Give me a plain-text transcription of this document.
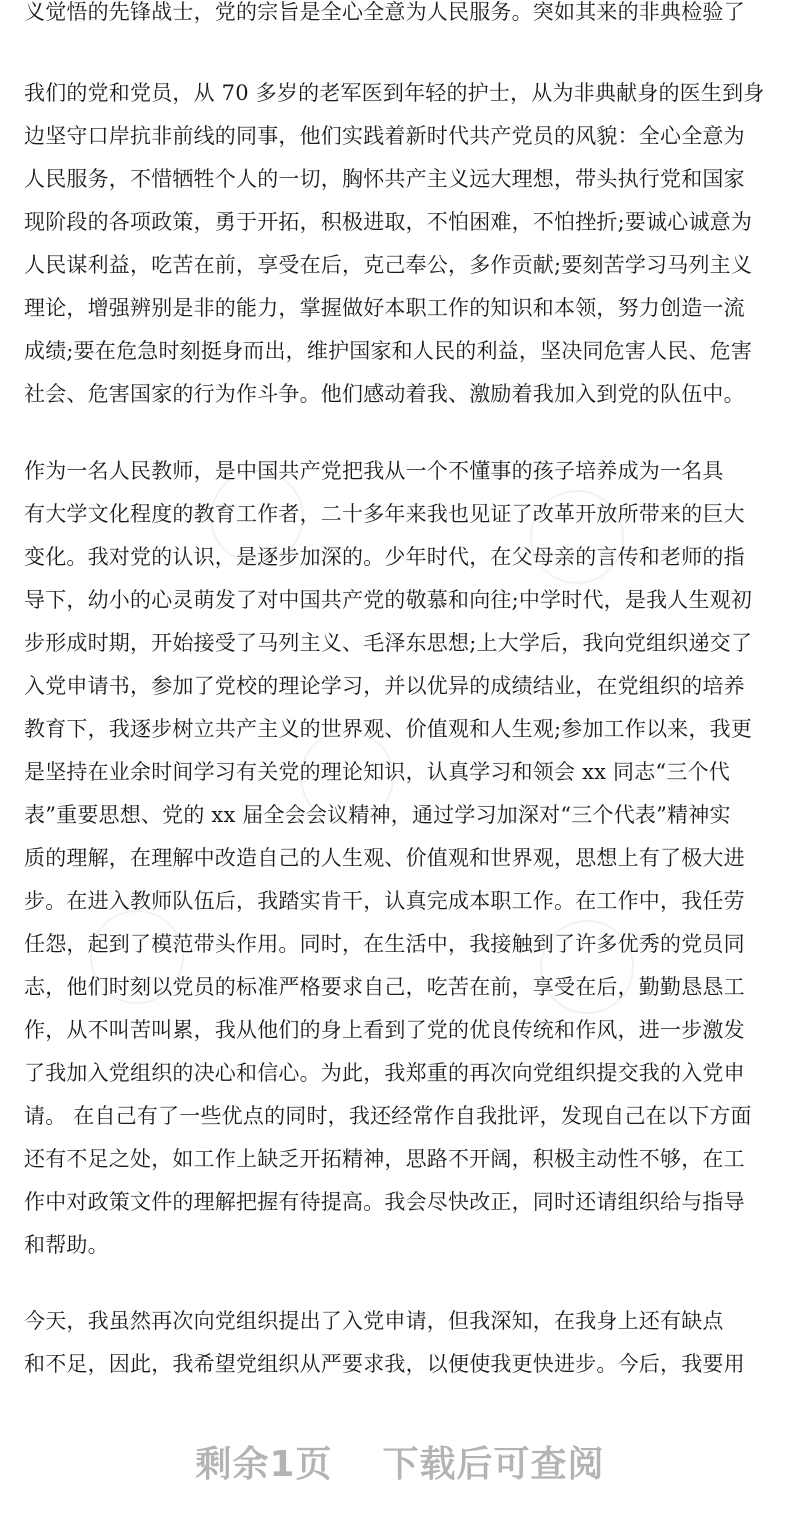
义觉悟的先锋战士，党的宗旨是全心全意为人民服务。突如其来的非典检验了
我们的党和党员，从 70 多岁的老军医到年轻的护士，从为非典献身的医生到身
边坚守口岸抗非前线的同事，他们实践着新时代共产党员的风貌：全心全意为
人民服务，不惜牺牲个人的一切，胸怀共产主义远大理想，带头执行党和国家
现阶段的各项政策，勇于开拓，积极进取，不怕困难，不怕挫折;要诚心诚意为
人民谋利益，吃苦在前，享受在后，克己奉公，多作贡献;要刻苦学习马列主义
理论，增强辨别是非的能力，掌握做好本职工作的知识和本领，努力创造一流
成绩;要在危急时刻挺身而出，维护国家和人民的利益，坚决同危害人民、危害
社会、危害国家的行为作斗争。他们感动着我、激励着我加入到党的队伍中。
作为一名人民教师，是中国共产党把我从一个不懂事的孩子培养成为一名具
有大学文化程度的教育工作者，二十多年来我也见证了改革开放所带来的巨大
变化。我对党的认识，是逐步加深的。少年时代，在父母亲的言传和老师的指
导下，幼小的心灵萌发了对中国共产党的敬慕和向往;中学时代，是我人生观初
步形成时期，开始接受了马列主义、毛泽东思想;上大学后，我向党组织递交了
入党申请书，参加了党校的理论学习，并以优异的成绩结业，在党组织的培养
教育下，我逐步树立共产主义的世界观、价值观和人生观;参加工作以来，我更
是坚持在业余时间学习有关党的理论知识，认真学习和领会 xx 同志“三个代
表”重要思想、党的 xx 届全会会议精神，通过学习加深对“三个代表”精神实
质的理解，在理解中改造自己的人生观、价值观和世界观，思想上有了极大进
步。在进入教师队伍后，我踏实肯干，认真完成本职工作。在工作中，我任劳
任怨，起到了模范带头作用。同时，在生活中，我接触到了许多优秀的党员同
志，他们时刻以党员的标准严格要求自己，吃苦在前，享受在后，勤勤恳恳工
作，从不叫苦叫累，我从他们的身上看到了党的优良传统和作风，进一步激发
了我加入党组织的决心和信心。为此，我郑重的再次向党组织提交我的入党申
请。 在自己有了一些优点的同时，我还经常作自我批评，发现自己在以下方面
还有不足之处，如工作上缺乏开拓精神，思路不开阔，积极主动性不够，在工
作中对政策文件的理解把握有待提高。我会尽快改正，同时还请组织给与指导
和帮助。
今天，我虽然再次向党组织提出了入党申请，但我深知，在我身上还有缺点
和不足，因此，我希望党组织从严要求我，以便使我更快进步。今后，我要用
剩余1页 下载后可查阅
